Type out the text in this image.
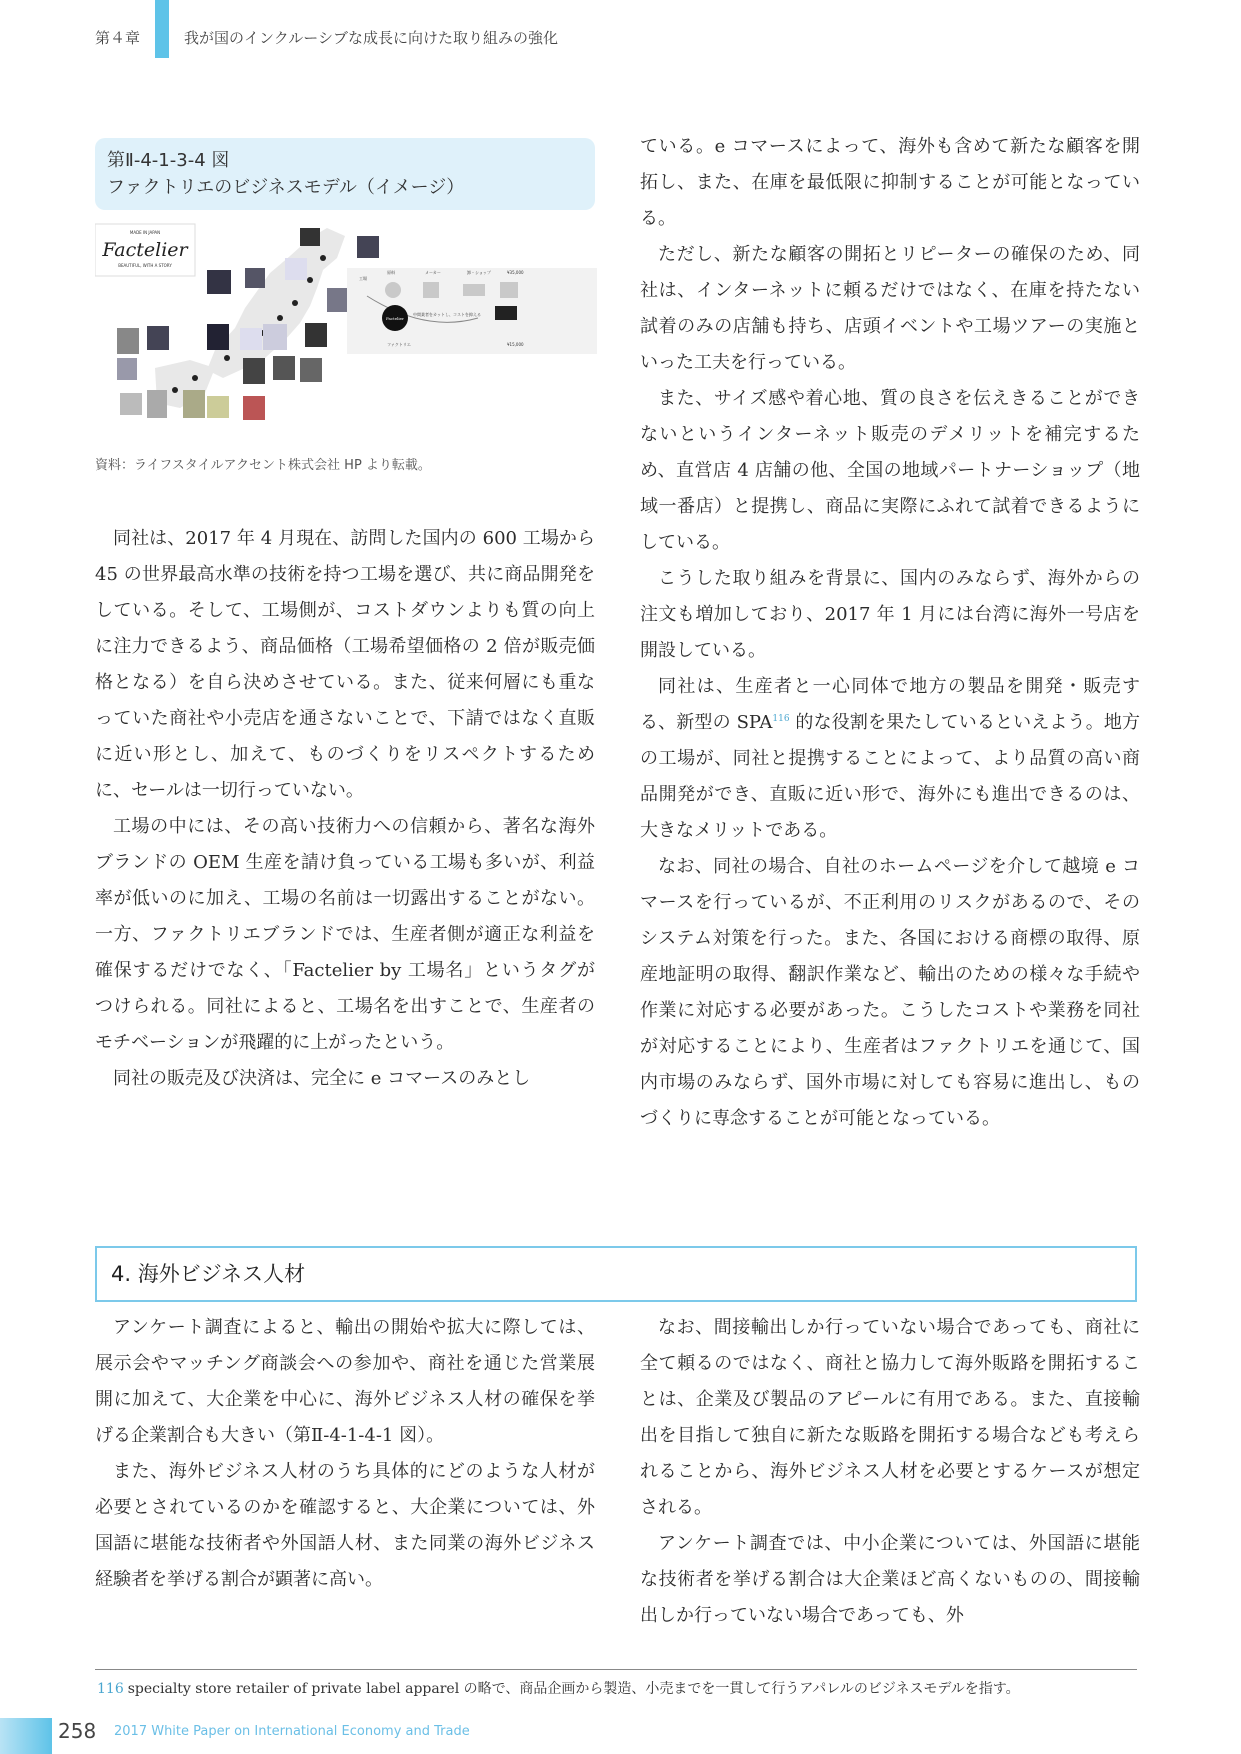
第４章	我が国のインクルーシブな成長に向けた取り組みの強化
第Ⅱ-4-1-3-4 図
ファクトリエのビジネスモデル（イメージ）
MADE IN JAPAN
Factelier
BEAUTIFUL, WITH A STORY
工場
原料	メーカー	卸・ショップ	¥35,000
Factelier
中間業者をカットし、コストを抑える
ファクトリエ	¥15,000
資料：ライフスタイルアクセント株式会社 HP より転載。

同社は、2017 年 4 月現在、訪問した国内の 600 工場から 45 の世界最高水準の技術を持つ工場を選び、共に商品開発をしている。そして、工場側が、コストダウンよりも質の向上に注力できるよう、商品価格（工場希望価格の 2 倍が販売価格となる）を自ら決めさせている。また、従来何層にも重なっていた商社や小売店を通さないことで、下請ではなく直販に近い形とし、加えて、ものづくりをリスペクトするために、セールは一切行っていない。

工場の中には、その高い技術力への信頼から、著名な海外ブランドの OEM 生産を請け負っている工場も多いが、利益率が低いのに加え、工場の名前は一切露出することがない。一方、ファクトリエブランドでは、生産者側が適正な利益を確保するだけでなく、「Factelier by 工場名」というタグがつけられる。同社によると、工場名を出すことで、生産者のモチベーションが飛躍的に上がったという。

同社の販売及び決済は、完全に e コマースのみとし

ている。e コマースによって、海外も含めて新たな顧客を開拓し、また、在庫を最低限に抑制することが可能となっている。

ただし、新たな顧客の開拓とリピーターの確保のため、同社は、インターネットに頼るだけではなく、在庫を持たない試着のみの店舗も持ち、店頭イベントや工場ツアーの実施といった工夫を行っている。

また、サイズ感や着心地、質の良さを伝えきることができないというインターネット販売のデメリットを補完するため、直営店 4 店舗の他、全国の地域パートナーショップ（地域一番店）と提携し、商品に実際にふれて試着できるようにしている。

こうした取り組みを背景に、国内のみならず、海外からの注文も増加しており、2017 年 1 月には台湾に海外一号店を開設している。

同社は、生産者と一心同体で地方の製品を開発・販売する、新型の SPA$^{116}$ 的な役割を果たしているといえよう。地方の工場が、同社と提携することによって、より品質の高い商品開発ができ、直販に近い形で、海外にも進出できるのは、大きなメリットである。

なお、同社の場合、自社のホームページを介して越境 e コマースを行っているが、不正利用のリスクがあるので、そのシステム対策を行った。また、各国における商標の取得、原産地証明の取得、翻訳作業など、輸出のための様々な手続や作業に対応する必要があった。こうしたコストや業務を同社が対応することにより、生産者はファクトリエを通じて、国内市場のみならず、国外市場に対しても容易に進出し、ものづくりに専念することが可能となっている。

4. 海外ビジネス人材

アンケート調査によると、輸出の開始や拡大に際しては、展示会やマッチング商談会への参加や、商社を通じた営業展開に加えて、大企業を中心に、海外ビジネス人材の確保を挙げる企業割合も大きい（第Ⅱ-4-1-4-1 図）。

また、海外ビジネス人材のうち具体的にどのような人材が必要とされているのかを確認すると、大企業については、外国語に堪能な技術者や外国語人材、また同業の海外ビジネス経験者を挙げる割合が顕著に高い。

なお、間接輸出しか行っていない場合であっても、商社に全て頼るのではなく、商社と協力して海外販路を開拓することは、企業及び製品のアピールに有用である。また、直接輸出を目指して独自に新たな販路を開拓する場合なども考えられることから、海外ビジネス人材を必要とするケースが想定される。

アンケート調査では、中小企業については、外国語に堪能な技術者を挙げる割合は大企業ほど高くないものの、間接輸出しか行っていない場合であっても、外

116 specialty store retailer of private label apparel の略で、商品企画から製造、小売までを一貫して行うアパレルのビジネスモデルを指す。
258 2017 White Paper on International Economy and Trade
